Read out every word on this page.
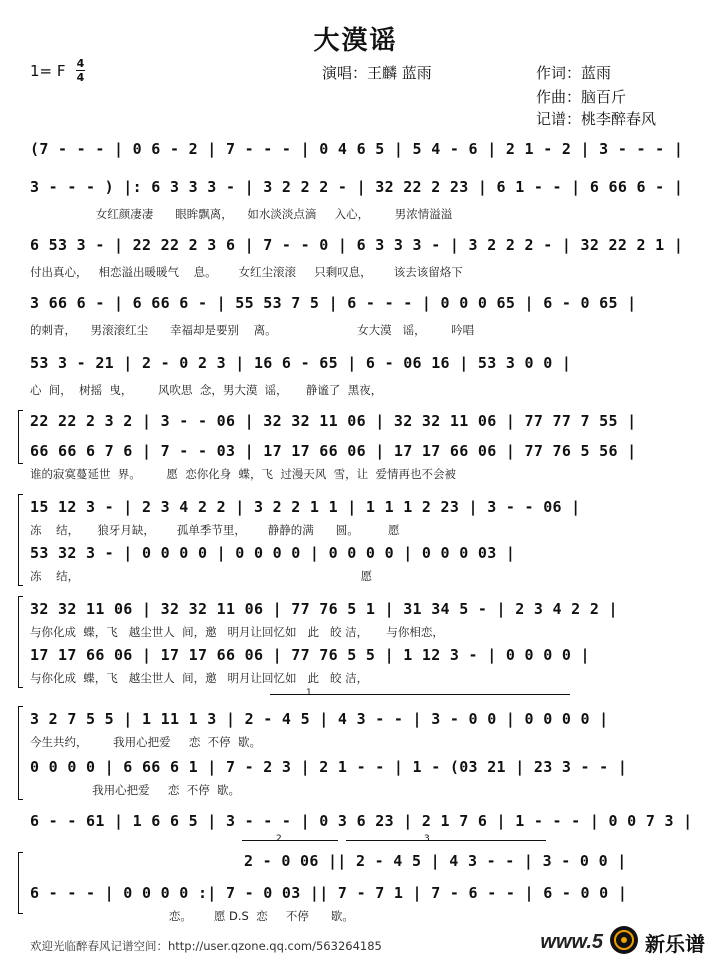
大漠谣
1= F 4
4	演唱：王麟 蓝雨	作词：蓝雨
作曲：脑百斤
记谱：桃李醉春风
(7 - - - | 0 6 - 2 | 7 - - - | 0 4 6 5 | 5 4 - 6 | 2 1 - 2 | 3 - - - |
3 - - - ) |: 6 3 3 3 - | 3 2 2 2 - | 32 22 2 23 | 6 1 - - | 6 66 6 - |
女红颜凄凄      眼眸飘离，    如水淡淡点滴     入心，       男浓情溢溢
6 53 3 - | 22 22 2 3 6 | 7 - - 0 | 6 3 3 3 - | 3 2 2 2 - | 32 22 2 1 |
付出真心，   相恋溢出暖暖气    息。      女红尘滚滚     只剩叹息，      该去该留烙下
3 66 6 - | 6 66 6 - | 55 53 7 5 | 6 - - - | 0 0 0 65 | 6 - 0 65 |
的刺青，    男滚滚红尘      幸福却是要别    离。                      女大漠   谣，       吟唱
53 3 - 21 | 2 - 0 2 3 | 16 6 - 65 | 6 - 06 16 | 53 3 0 0 |
心  间，  树摇  曳，       风吹思  念，男大漠  谣，     静谧了  黑夜，
22 22 2 3 2 | 3 - - 06 | 32 32 11 06 | 32 32 11 06 | 77 77 7 55 |
66 66 6 7 6 | 7 - - 03 | 17 17 66 06 | 17 17 66 06 | 77 76 5 56 |
谁的寂寞蔓延世  界。       愿  恋你化身  蝶，飞  过漫天风  雪，让  爱情再也不会被
15 12 3 - | 2 3 4 2 2 | 3 2 2 1 1 | 1 1 1 2 23 | 3 - - 06 |
冻    结，     狼牙月缺，      孤单季节里，      静静的满      圆。        愿
53 32 3 - | 0 0 0 0 | 0 0 0 0 | 0 0 0 0 | 0 0 0 03 |
冻    结，                                                                             愿
32 32 11 06 | 32 32 11 06 | 77 76 5 1 | 31 34 5 - | 2 3 4 2 2 |
与你化成  蝶，飞   越尘世人  间，邀   明月让回忆如   此   皎 洁，     与你相恋，
17 17 66 06 | 17 17 66 06 | 77 76 5 5 | 1 12 3 - | 0 0 0 0 |
与你化成  蝶，飞   越尘世人  间，邀   明月让回忆如   此   皎 洁，
1
3 2 7 5 5 | 1 11 1 3 | 2 - 4 5 | 4 3 - - | 3 - 0 0 | 0 0 0 0 |
今生共约，       我用心把爱     恋  不停  歇。
0 0 0 0 | 6 66 6 1 | 7 - 2 3 | 2 1 - - | 1 - (03 21 | 23 3 - - |
我用心把爱     恋  不停  歇。
6 - - 61 | 1 6 6 5 | 3 - - - | 0 3 6 23 | 2 1 7 6 | 1 - - - | 0 0 7 3 |
2	3
2 - 0 06 || 2 - 4 5 | 4 3 - - | 3 - 0 0 |
6 - - - | 0 0 0 0 :| 7 - 0 03 || 7 - 7 1 | 7 - 6 - - | 6 - 0 0 |
恋。      愿 D.S  恋     不停      歇。
欢迎光临醉春风记谱空间：http://user.qzone.qq.com/563264185	www.5 新乐谱
